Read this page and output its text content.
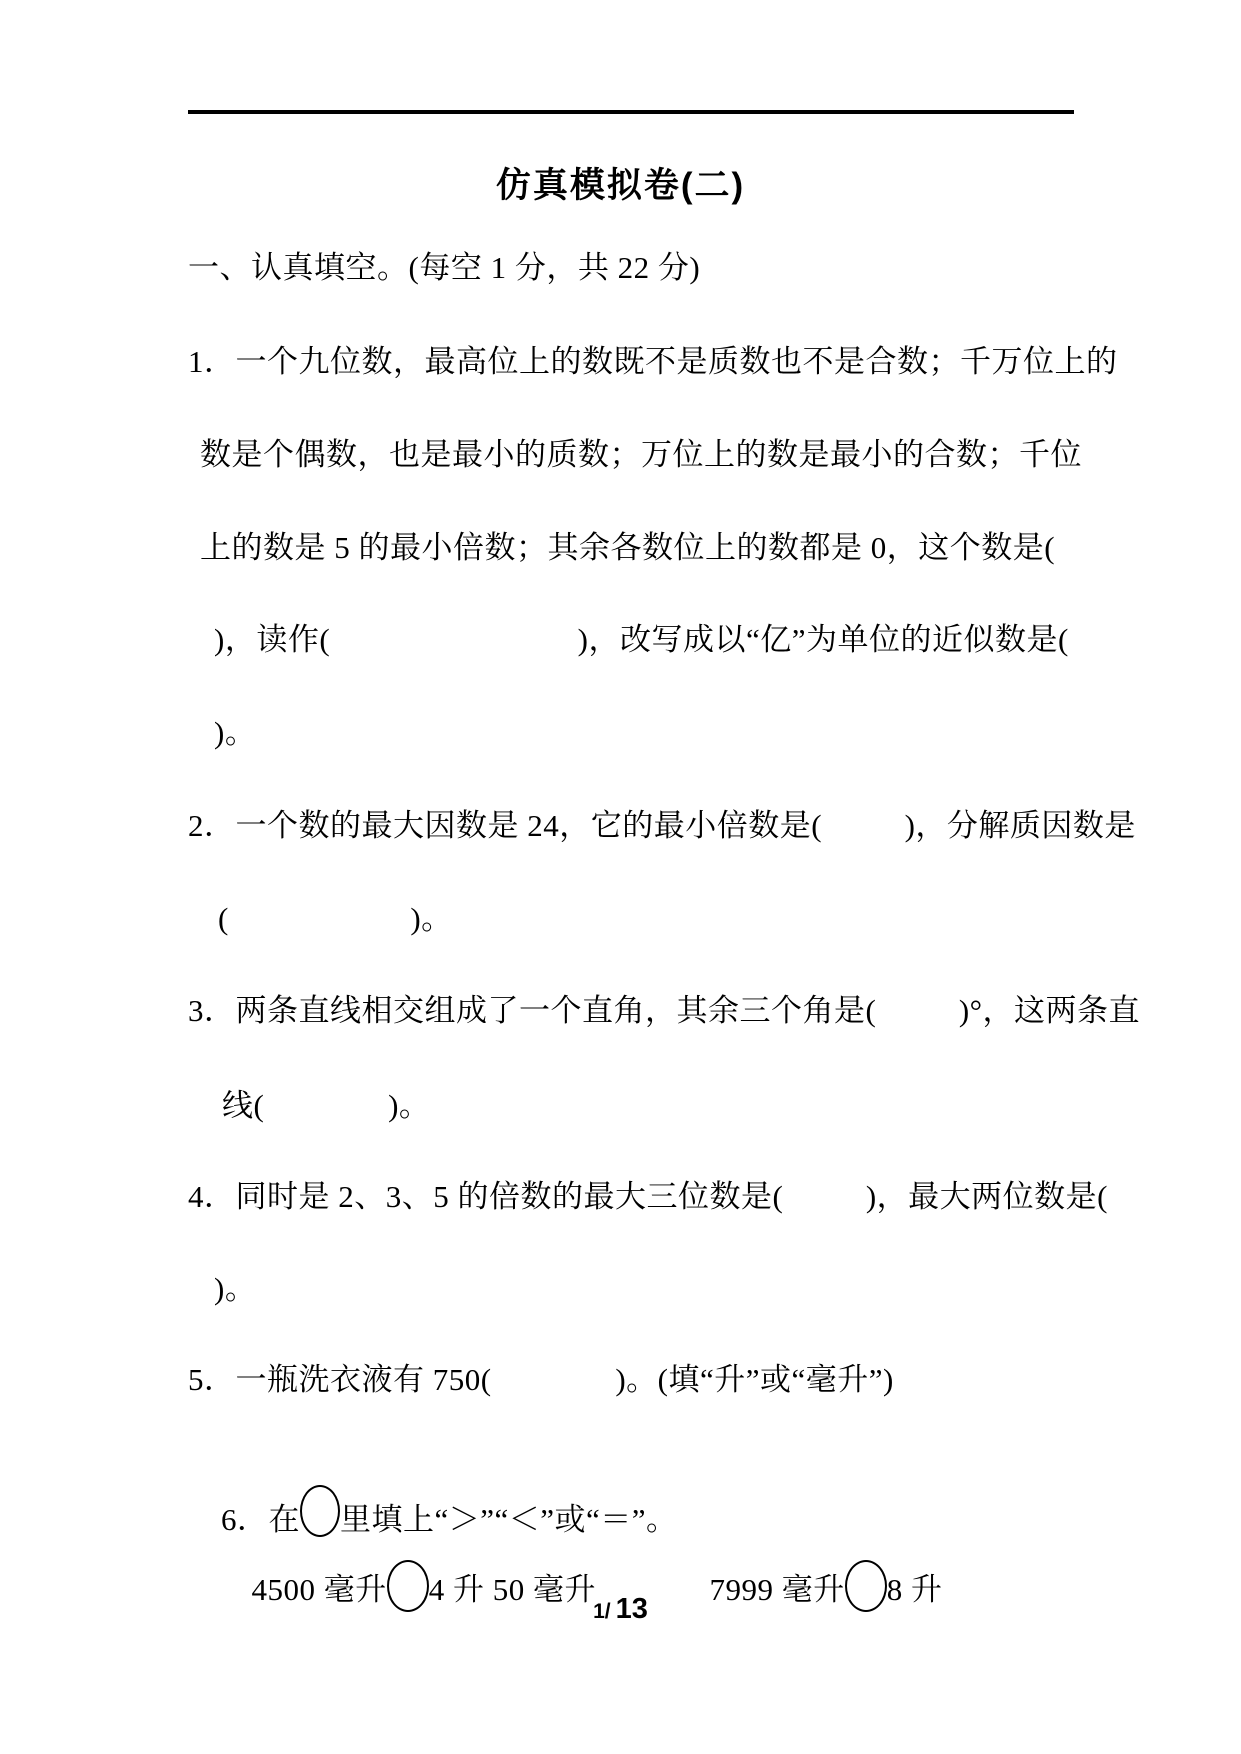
仿真模拟卷(二)
一、认真填空。(每空 1 分，共 22 分)
1．一个九位数，最高位上的数既不是质数也不是合数；千万位上的
数是个偶数，也是最小的质数；万位上的数是最小的合数；千位
上的数是 5 的最小倍数；其余各数位上的数都是 0，这个数是(
)，读作(                              )，改写成以“亿”为单位的近似数是(
)。
2．一个数的最大因数是 24，它的最小倍数是(          )，分解质因数是
(                      )。
3．两条直线相交组成了一个直角，其余三个角是(          )°，这两条直
线(               )。
4．同时是 2、3、5 的倍数的最大三位数是(          )，最大两位数是(
)。
5．一瓶洗衣液有 750(               )。(填“升”或“毫升”)

6．在 里填上“＞”“＜”或“＝”。

4500 毫升 4 升 50 毫升
	7999 毫升 8 升

1/ 13
